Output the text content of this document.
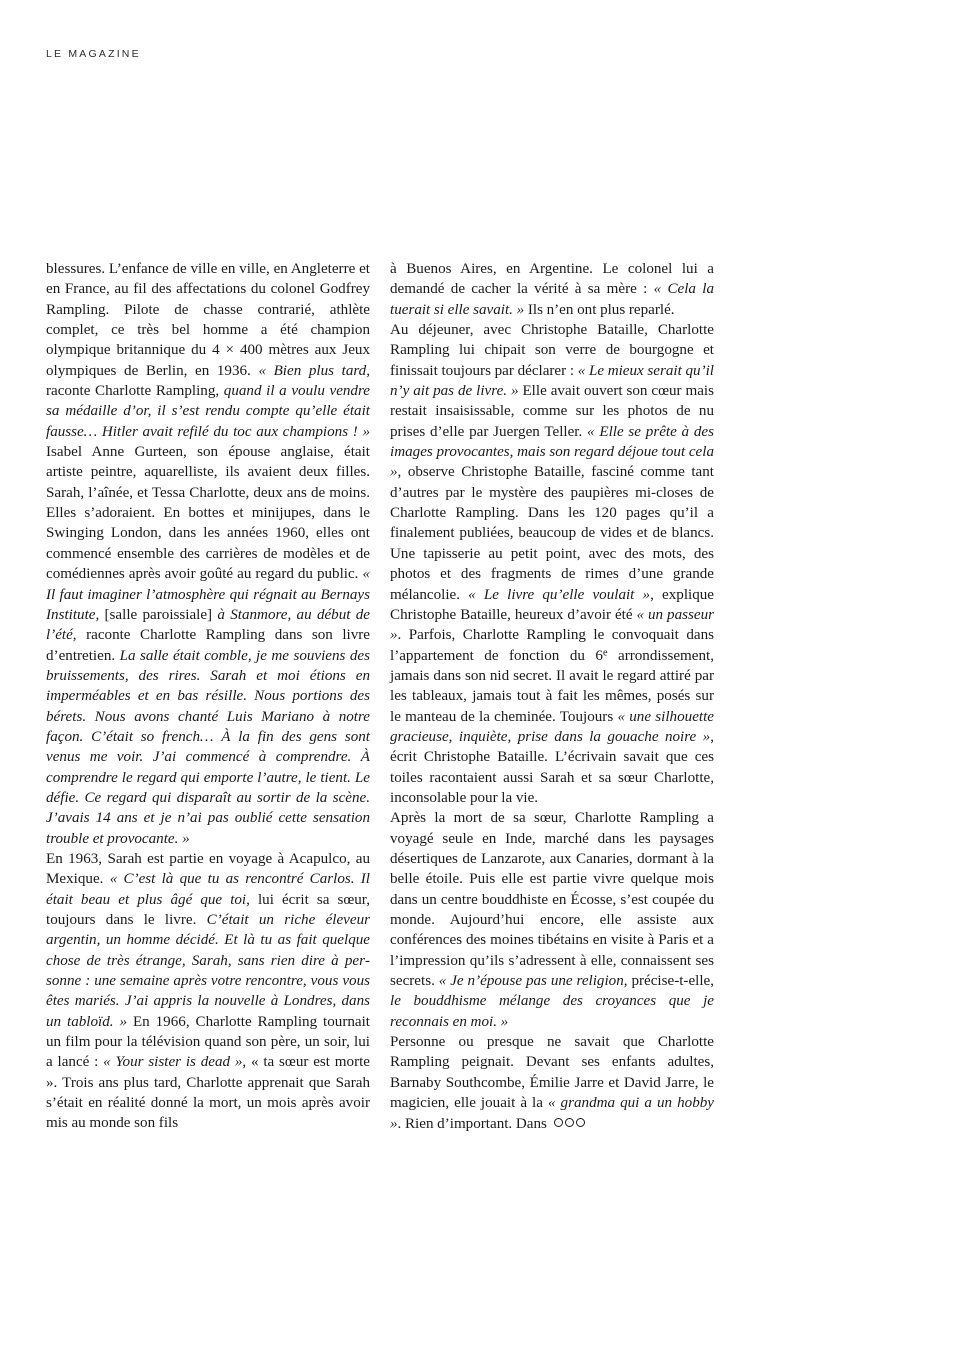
LE MAGAZINE

blessures. L’enfance de ville en ville, en Angleterre et en France, au fil des affectations du colonel Godfrey Rampling. Pilote de chasse contrarié, athlète complet, ce très bel homme a été champion olympique britannique du 4 × 400 mètres aux Jeux olympiques de Berlin, en 1936. « Bien plus tard, raconte Charlotte Rampling, quand il a voulu vendre sa médaille d’or, il s’est rendu compte qu’elle était fausse… Hitler avait refilé du toc aux champions ! » Isabel Anne Gurteen, son épouse anglaise, était artiste peintre, aquarelliste, ils avaient deux filles. Sarah, l’aînée, et Tessa Charlotte, deux ans de moins. Elles s’adoraient. En bottes et minijupes, dans le Swinging London, dans les années 1960, elles ont commencé ensemble des carrières de modèles et de comédiennes après avoir goûté au regard du public. « Il faut imaginer l’atmosphère qui régnait au Bernays Institute, [salle paroissiale] à Stanmore, au début de l’été, raconte Charlotte Rampling dans son livre d’entretien. La salle était comble, je me souviens des bruissements, des rires. Sarah et moi étions en imperméables et en bas résille. Nous portions des bérets. Nous avons chanté Luis Mariano à notre façon. C’était so french… À la fin des gens sont venus me voir. J’ai commencé à comprendre. À comprendre le regard qui emporte l’autre, le tient. Le défie. Ce regard qui disparaît au sortir de la scène. J’avais 14 ans et je n’ai pas oublié cette sensation trouble et provocante. »

En 1963, Sarah est partie en voyage à Acapulco, au Mexique. « C’est là que tu as rencontré Carlos. Il était beau et plus âgé que toi, lui écrit sa sœur, toujours dans le livre. C’était un riche éleveur argentin, un homme décidé. Et là tu as fait quelque chose de très étrange, Sarah, sans rien dire à personne : une semaine après votre rencontre, vous vous êtes mariés. J’ai appris la nouvelle à Londres, dans un tabloïd. » En 1966, Charlotte Rampling tournait un film pour la télévision quand son père, un soir, lui a lancé : « Your sister is dead », « ta sœur est morte ». Trois ans plus tard, Charlotte apprenait que Sarah s’était en réalité donné la mort, un mois après avoir mis au monde son fils

à Buenos Aires, en Argentine. Le colonel lui a demandé de cacher la vérité à sa mère : « Cela la tuerait si elle savait. » Ils n’en ont plus reparlé.

Au déjeuner, avec Christophe Bataille, Charlotte Rampling lui chipait son verre de bourgogne et finissait toujours par déclarer : « Le mieux serait qu’il n’y ait pas de livre. » Elle avait ouvert son cœur mais restait insaisissable, comme sur les photos de nu prises d’elle par Juergen Teller. « Elle se prête à des images provocantes, mais son regard déjoue tout cela », observe Christophe Bataille, fasciné comme tant d’autres par le mystère des paupières mi-closes de Charlotte Rampling. Dans les 120 pages qu’il a finalement publiées, beaucoup de vides et de blancs. Une tapisserie au petit point, avec des mots, des photos et des fragments de rimes d’une grande mélancolie. « Le livre qu’elle voulait », explique Christophe Bataille, heureux d’avoir été « un passeur ». Parfois, Charlotte Rampling le convoquait dans l’appartement de fonction du 6e arrondissement, jamais dans son nid secret. Il avait le regard attiré par les tableaux, jamais tout à fait les mêmes, posés sur le manteau de la cheminée. Toujours « une silhouette gracieuse, inquiète, prise dans la gouache noire », écrit Christophe Bataille. L’écrivain savait que ces toiles racontaient aussi Sarah et sa sœur Charlotte, inconsolable pour la vie.

Après la mort de sa sœur, Charlotte Rampling a voyagé seule en Inde, marché dans les paysages désertiques de Lanzarote, aux Canaries, dormant à la belle étoile. Puis elle est partie vivre quelque mois dans un centre bouddhiste en Écosse, s’est coupée du monde. Aujourd’hui encore, elle assiste aux conférences des moines tibétains en visite à Paris et a l’impression qu’ils s’adressent à elle, connaissent ses secrets. « Je n’épouse pas une religion, précise-t-elle, le bouddhisme mélange des croyances que je reconnais en moi. »

Personne ou presque ne savait que Charlotte Rampling peignait. Devant ses enfants adultes, Barnaby Southcombe, Émilie Jarre et David Jarre, le magicien, elle jouait à la « grandma qui a un hobby ». Rien d’important. Dans
